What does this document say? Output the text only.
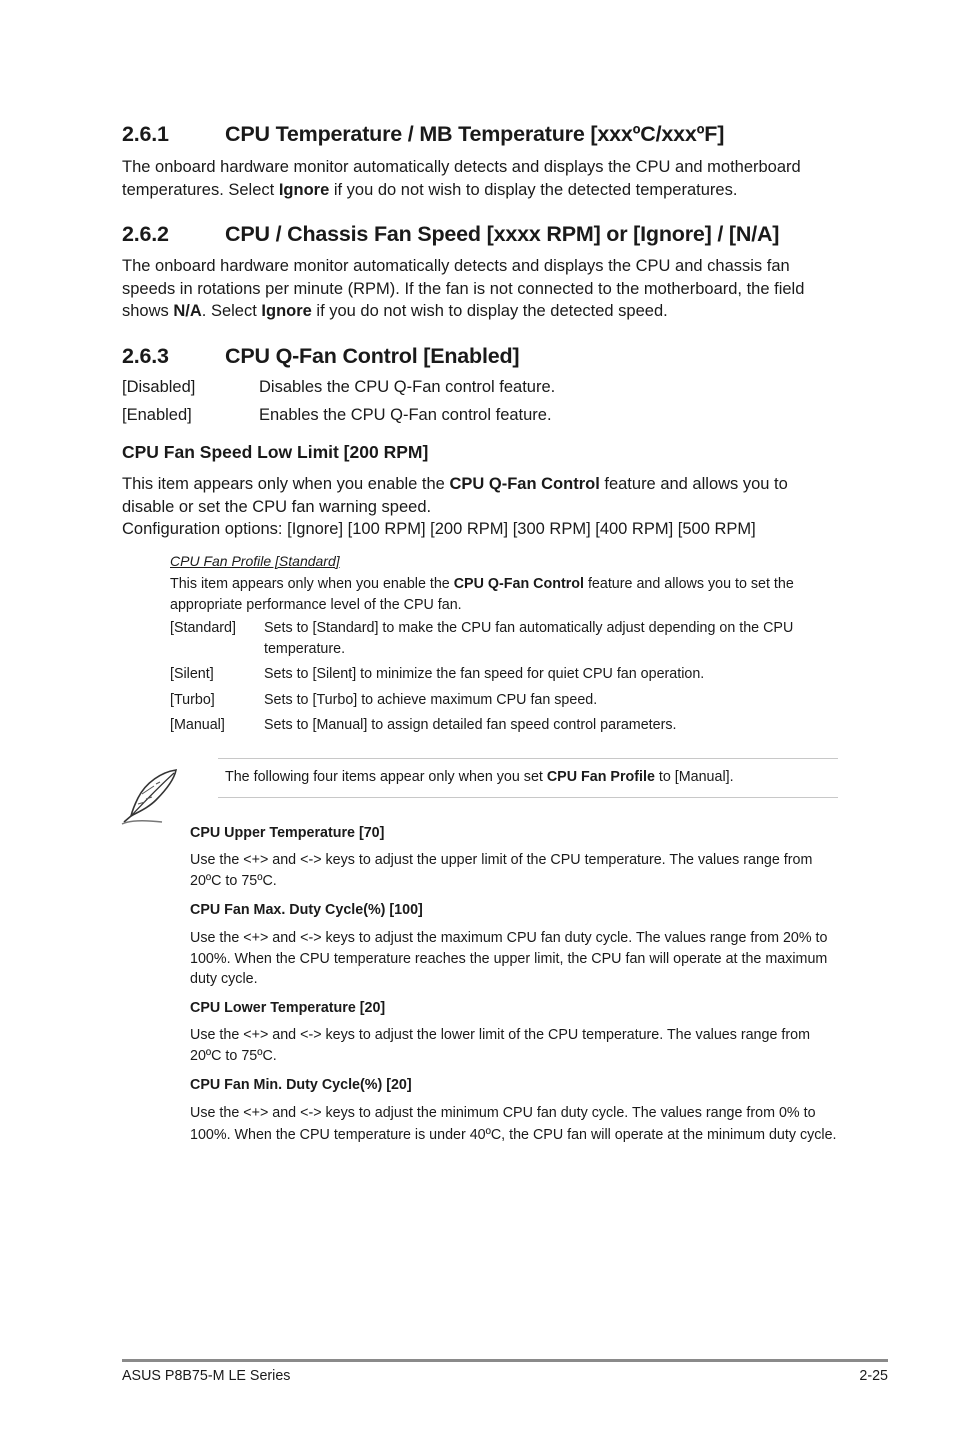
2.6.1	CPU Temperature / MB Temperature [xxxºC/xxxºF]

The onboard hardware monitor automatically detects and displays the CPU and motherboard temperatures. Select Ignore if you do not wish to display the detected temperatures.

2.6.2	CPU / Chassis Fan Speed [xxxx RPM] or [Ignore] / [N/A]

The onboard hardware monitor automatically detects and displays the CPU and chassis fan speeds in rotations per minute (RPM). If the fan is not connected to the motherboard, the field shows N/A. Select Ignore if you do not wish to display the detected speed.

2.6.3	CPU Q-Fan Control [Enabled]
[Disabled]	Disables the CPU Q-Fan control feature.
[Enabled]	Enables the CPU Q-Fan control feature.
CPU Fan Speed Low Limit [200 RPM]

This item appears only when you enable the CPU Q-Fan Control feature and allows you to disable or set the CPU fan warning speed.
Configuration options: [Ignore] [100 RPM] [200 RPM] [300 RPM] [400 RPM] [500 RPM]

CPU Fan Profile [Standard]

This item appears only when you enable the CPU Q-Fan Control feature and allows you to set the appropriate performance level of the CPU fan.

[Standard]	Sets to [Standard] to make the CPU fan automatically adjust depending on the CPU temperature.
[Silent]	Sets to [Silent] to minimize the fan speed for quiet CPU fan operation.
[Turbo]	Sets to [Turbo] to achieve maximum CPU fan speed.
[Manual]	Sets to [Manual] to assign detailed fan speed control parameters.
The following four items appear only when you set CPU Fan Profile to [Manual].
CPU Upper Temperature [70]

Use the <+> and <-> keys to adjust the upper limit of the CPU temperature. The values range from 20ºC to 75ºC.

CPU Fan Max. Duty Cycle(%) [100]

Use the <+> and <-> keys to adjust the maximum CPU fan duty cycle. The values range from 20% to 100%. When the CPU temperature reaches the upper limit, the CPU fan will operate at the maximum duty cycle.

CPU Lower Temperature [20]

Use the <+> and <-> keys to adjust the lower limit of the CPU temperature. The values range from 20ºC to 75ºC.

CPU Fan Min. Duty Cycle(%) [20]

Use the <+> and <-> keys to adjust the minimum CPU fan duty cycle. The values range from 0% to 100%. When the CPU temperature is under 40ºC, the CPU fan will operate at the minimum duty cycle.

ASUS P8B75-M LE Series	2-25
